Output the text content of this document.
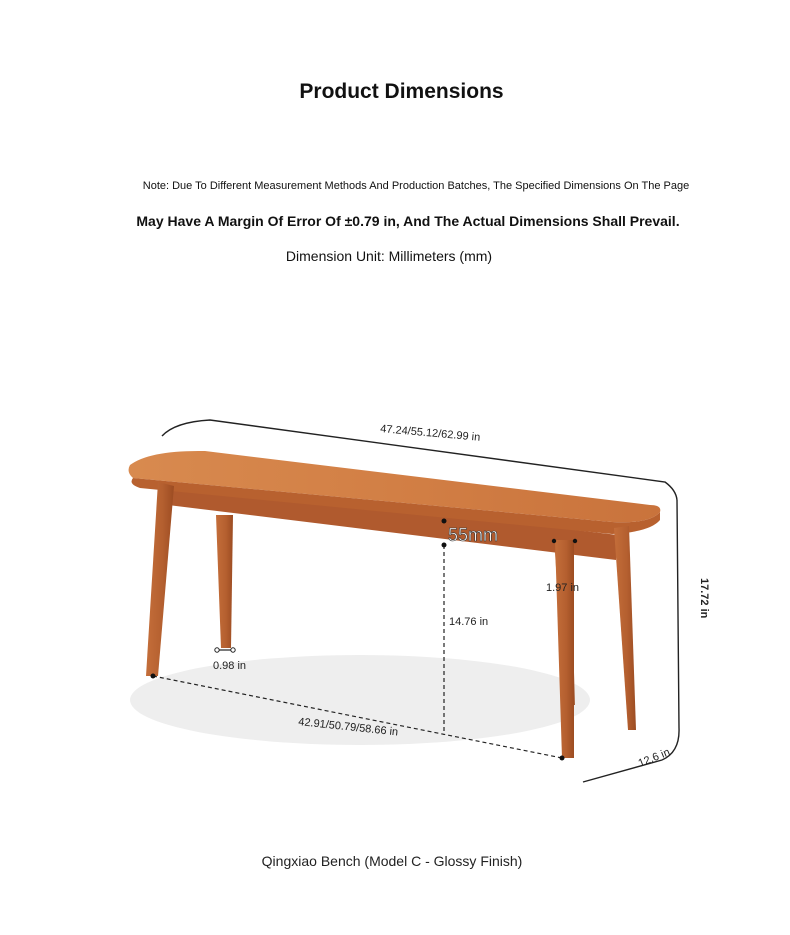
Product Dimensions
Note: Due To Different Measurement Methods And Production Batches, The Specified Dimensions On The Page
May Have A Margin Of Error Of ±0.79 in, And The Actual Dimensions Shall Prevail.
Dimension Unit: Millimeters (mm)
47.24/55.12/62.99 in
17.72 in
12.6 in
42.91/50.79/58.66 in
14.76 in
55mm
1.97 in
0.98 in
Qingxiao Bench (Model C - Glossy Finish)
